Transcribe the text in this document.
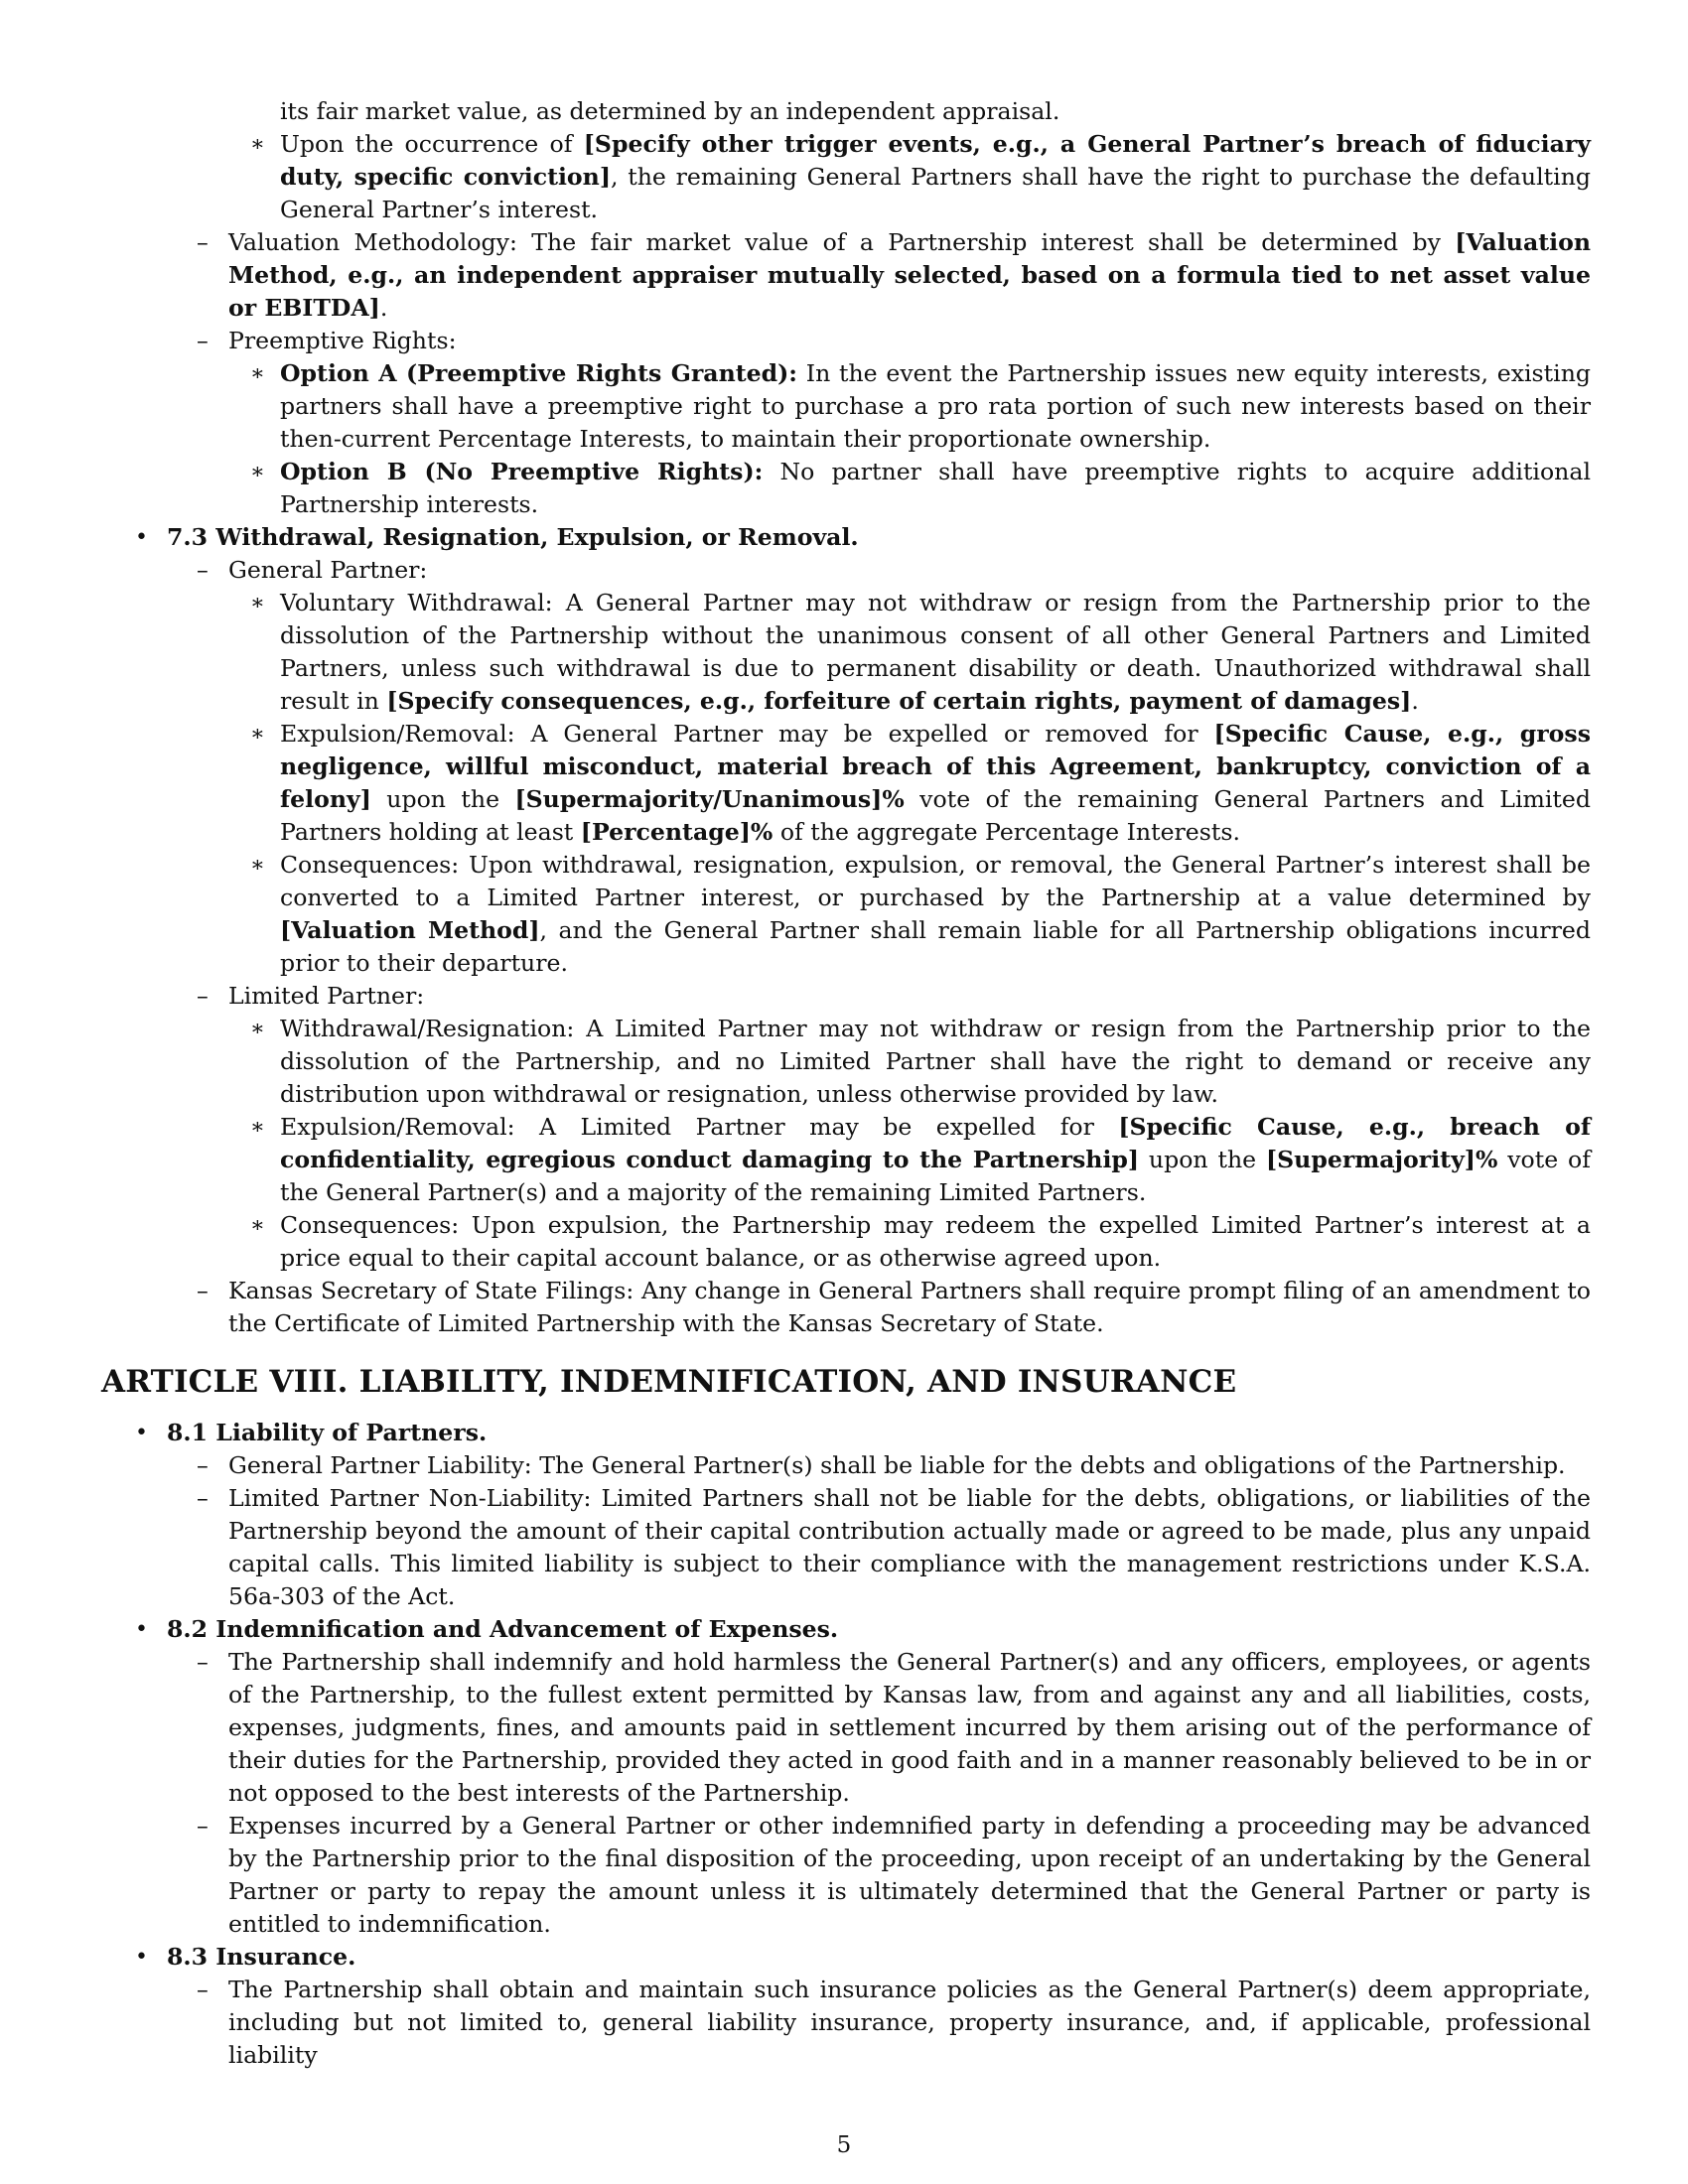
its fair market value, as determined by an independent appraisal.
∗ Upon the occurrence of [Specify other trigger events, e.g., a General Partner’s breach of fiduciary duty, specific conviction], the remaining General Partners shall have the right to purchase the defaulting General Partner’s interest.
– Valuation Methodology: The fair market value of a Partnership interest shall be determined by [Valuation Method, e.g., an independent appraiser mutually selected, based on a formula tied to net asset value or EBITDA].
– Preemptive Rights:
∗ Option A (Preemptive Rights Granted): In the event the Partnership issues new equity interests, existing partners shall have a preemptive right to purchase a pro rata portion of such new interests based on their then-current Percentage Interests, to maintain their proportionate ownership.
∗ Option B (No Preemptive Rights): No partner shall have preemptive rights to acquire additional Partnership interests.
• 7.3 Withdrawal, Resignation, Expulsion, or Removal.
– General Partner:
∗ Voluntary Withdrawal: A General Partner may not withdraw or resign from the Partnership prior to the dissolution of the Partnership without the unanimous consent of all other General Partners and Limited Partners, unless such withdrawal is due to permanent disability or death. Unauthorized withdrawal shall result in [Specify consequences, e.g., forfeiture of certain rights, payment of damages].
∗ Expulsion/Removal: A General Partner may be expelled or removed for [Specific Cause, e.g., gross negligence, willful misconduct, material breach of this Agreement, bankruptcy, conviction of a felony] upon the [Supermajority/Unanimous]% vote of the remaining General Partners and Limited Partners holding at least [Percentage]% of the aggregate Percentage Interests.
∗ Consequences: Upon withdrawal, resignation, expulsion, or removal, the General Partner’s interest shall be converted to a Limited Partner interest, or purchased by the Partnership at a value determined by [Valuation Method], and the General Partner shall remain liable for all Partnership obligations incurred prior to their departure.
– Limited Partner:
∗ Withdrawal/Resignation: A Limited Partner may not withdraw or resign from the Partnership prior to the dissolution of the Partnership, and no Limited Partner shall have the right to demand or receive any distribution upon withdrawal or resignation, unless otherwise provided by law.
∗ Expulsion/Removal: A Limited Partner may be expelled for [Specific Cause, e.g., breach of confidentiality, egregious conduct damaging to the Partnership] upon the [Supermajority]% vote of the General Partner(s) and a majority of the remaining Limited Partners.
∗ Consequences: Upon expulsion, the Partnership may redeem the expelled Limited Partner’s interest at a price equal to their capital account balance, or as otherwise agreed upon.
– Kansas Secretary of State Filings: Any change in General Partners shall require prompt filing of an amendment to the Certificate of Limited Partnership with the Kansas Secretary of State.
ARTICLE VIII. LIABILITY, INDEMNIFICATION, AND INSURANCE
• 8.1 Liability of Partners.
– General Partner Liability: The General Partner(s) shall be liable for the debts and obligations of the Partnership.
– Limited Partner Non-Liability: Limited Partners shall not be liable for the debts, obligations, or liabilities of the Partnership beyond the amount of their capital contribution actually made or agreed to be made, plus any unpaid capital calls. This limited liability is subject to their compliance with the management restrictions under K.S.A. 56a-303 of the Act.
• 8.2 Indemnification and Advancement of Expenses.
– The Partnership shall indemnify and hold harmless the General Partner(s) and any officers, employees, or agents of the Partnership, to the fullest extent permitted by Kansas law, from and against any and all liabilities, costs, expenses, judgments, fines, and amounts paid in settlement incurred by them arising out of the performance of their duties for the Partnership, provided they acted in good faith and in a manner reasonably believed to be in or not opposed to the best interests of the Partnership.
– Expenses incurred by a General Partner or other indemnified party in defending a proceeding may be advanced by the Partnership prior to the final disposition of the proceeding, upon receipt of an undertaking by the General Partner or party to repay the amount unless it is ultimately determined that the General Partner or party is entitled to indemnification.
• 8.3 Insurance.
– The Partnership shall obtain and maintain such insurance policies as the General Partner(s) deem appropriate, including but not limited to, general liability insurance, property insurance, and, if applicable, professional liability
5
